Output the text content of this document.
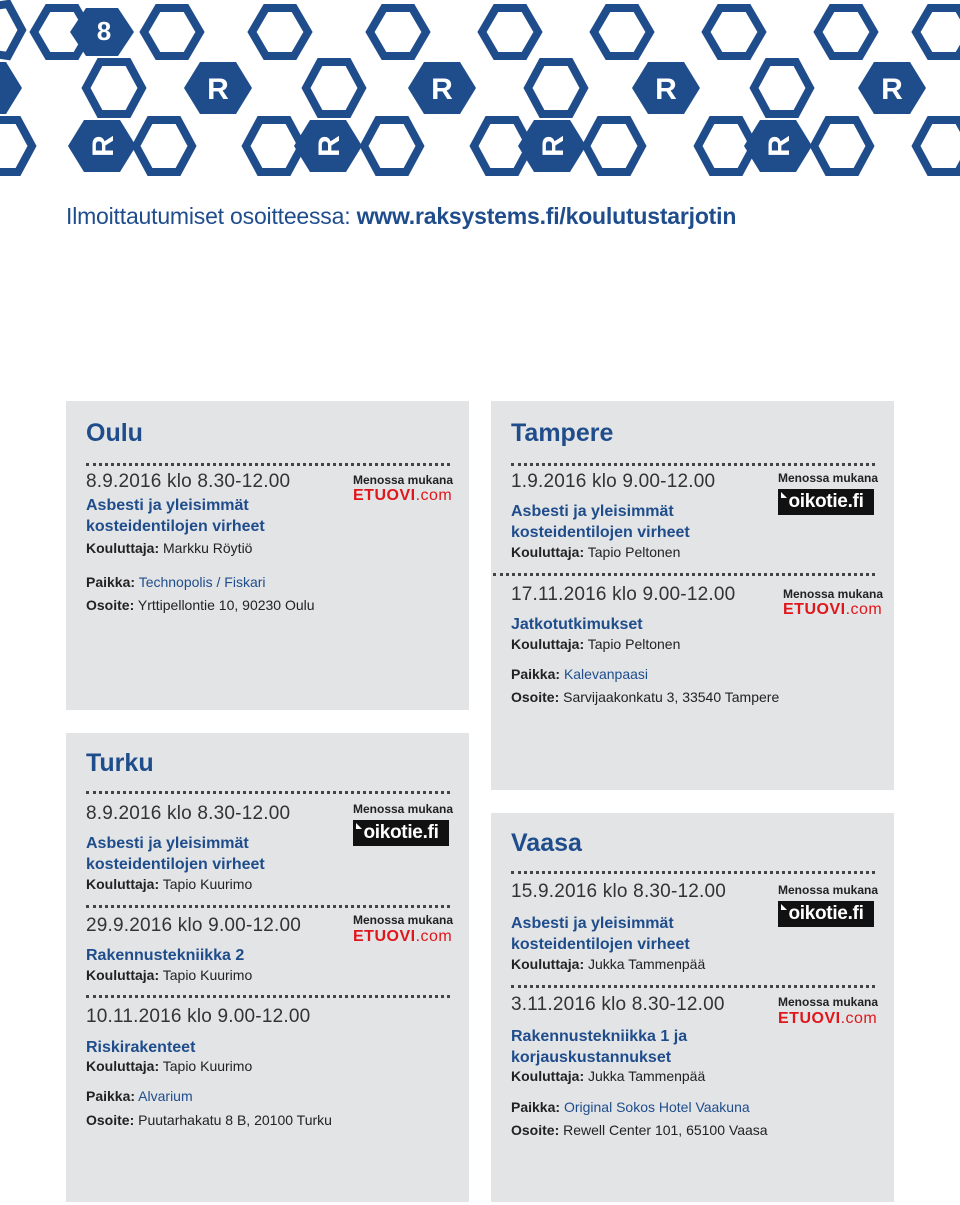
R	R	R	R
R	R	R	R
8
Ilmoittautumiset osoitteessa: www.raksystems.fi/koulutustarjotin
Oulu
8.9.2016 klo 8.30-12.00
Asbesti ja yleisimmät
kosteidentilojen virheet
Kouluttaja: Markku Röytiö
Menossa mukana
ETUOVI.com
Paikka: Technopolis / Fiskari
Osoite: Yrttipellontie 10, 90230 Oulu
Tampere
1.9.2016 klo 9.00-12.00
Asbesti ja yleisimmät
kosteidentilojen virheet
Kouluttaja: Tapio Peltonen
Menossa mukana
oikotie.fi
17.11.2016 klo 9.00-12.00
Jatkotutkimukset
Kouluttaja: Tapio Peltonen
Menossa mukana
ETUOVI.com
Paikka: Kalevanpaasi
Osoite: Sarvijaakonkatu 3, 33540 Tampere
Turku
8.9.2016 klo 8.30-12.00
Asbesti ja yleisimmät
kosteidentilojen virheet
Kouluttaja: Tapio Kuurimo
Menossa mukana
oikotie.fi
29.9.2016 klo 9.00-12.00
Rakennustekniikka 2
Kouluttaja: Tapio Kuurimo
Menossa mukana
ETUOVI.com
10.11.2016 klo 9.00-12.00
Riskirakenteet
Kouluttaja: Tapio Kuurimo
Paikka: Alvarium
Osoite: Puutarhakatu 8 B, 20100 Turku
Vaasa
15.9.2016 klo 8.30-12.00
Asbesti ja yleisimmät
kosteidentilojen virheet
Kouluttaja: Jukka Tammenpää
Menossa mukana
oikotie.fi
3.11.2016 klo 8.30-12.00
Rakennustekniikka 1 ja
korjauskustannukset
Kouluttaja: Jukka Tammenpää
Menossa mukana
ETUOVI.com
Paikka: Original Sokos Hotel Vaakuna
Osoite: Rewell Center 101, 65100 Vaasa
